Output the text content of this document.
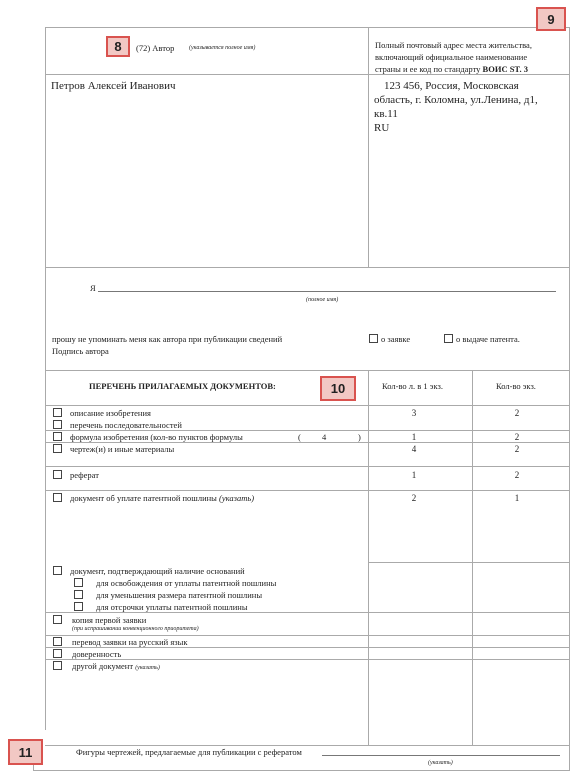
8	(72) Автор (указывается полное имя)
9
Полный почтовый адрес места жительства,
включающий официальное наименование
страны и ее код по стандарту ВОИС ST. 3
Петров Алексей Иванович	123 456, Россия, Московская
область, г. Коломна, ул.Ленина, д1,
кв.11
RU
Я
(полное имя)
прошу не упоминать меня как автора при публикации сведений	о заявке	о выдаче патента.
Подпись автора
ПЕРЕЧЕНЬ ПРИЛАГАЕМЫХ ДОКУМЕНТОВ:	10	Кол-во л. в 1 экз.	Кол-во экз.
описание изобретения	3	2
перечень последовательностей
формула изобретения (кол-во пунктов формулы	( 4	)	1	2
чертеж(и) и иные материалы	4	2
реферат	1	2
документ об уплате патентной пошлины (указать)	2	1
документ, подтверждающий наличие оснований
для освобождения от уплаты патентной пошлины
для уменьшения размера патентной пошлины
для отсрочки уплаты патентной пошлины
копия первой заявки
(при испрашивании конвенционного приоритета)
перевод заявки на русский язык
доверенность
другой документ (указать)
11	Фигуры чертежей, предлагаемые для публикации с рефератом
(указать)
